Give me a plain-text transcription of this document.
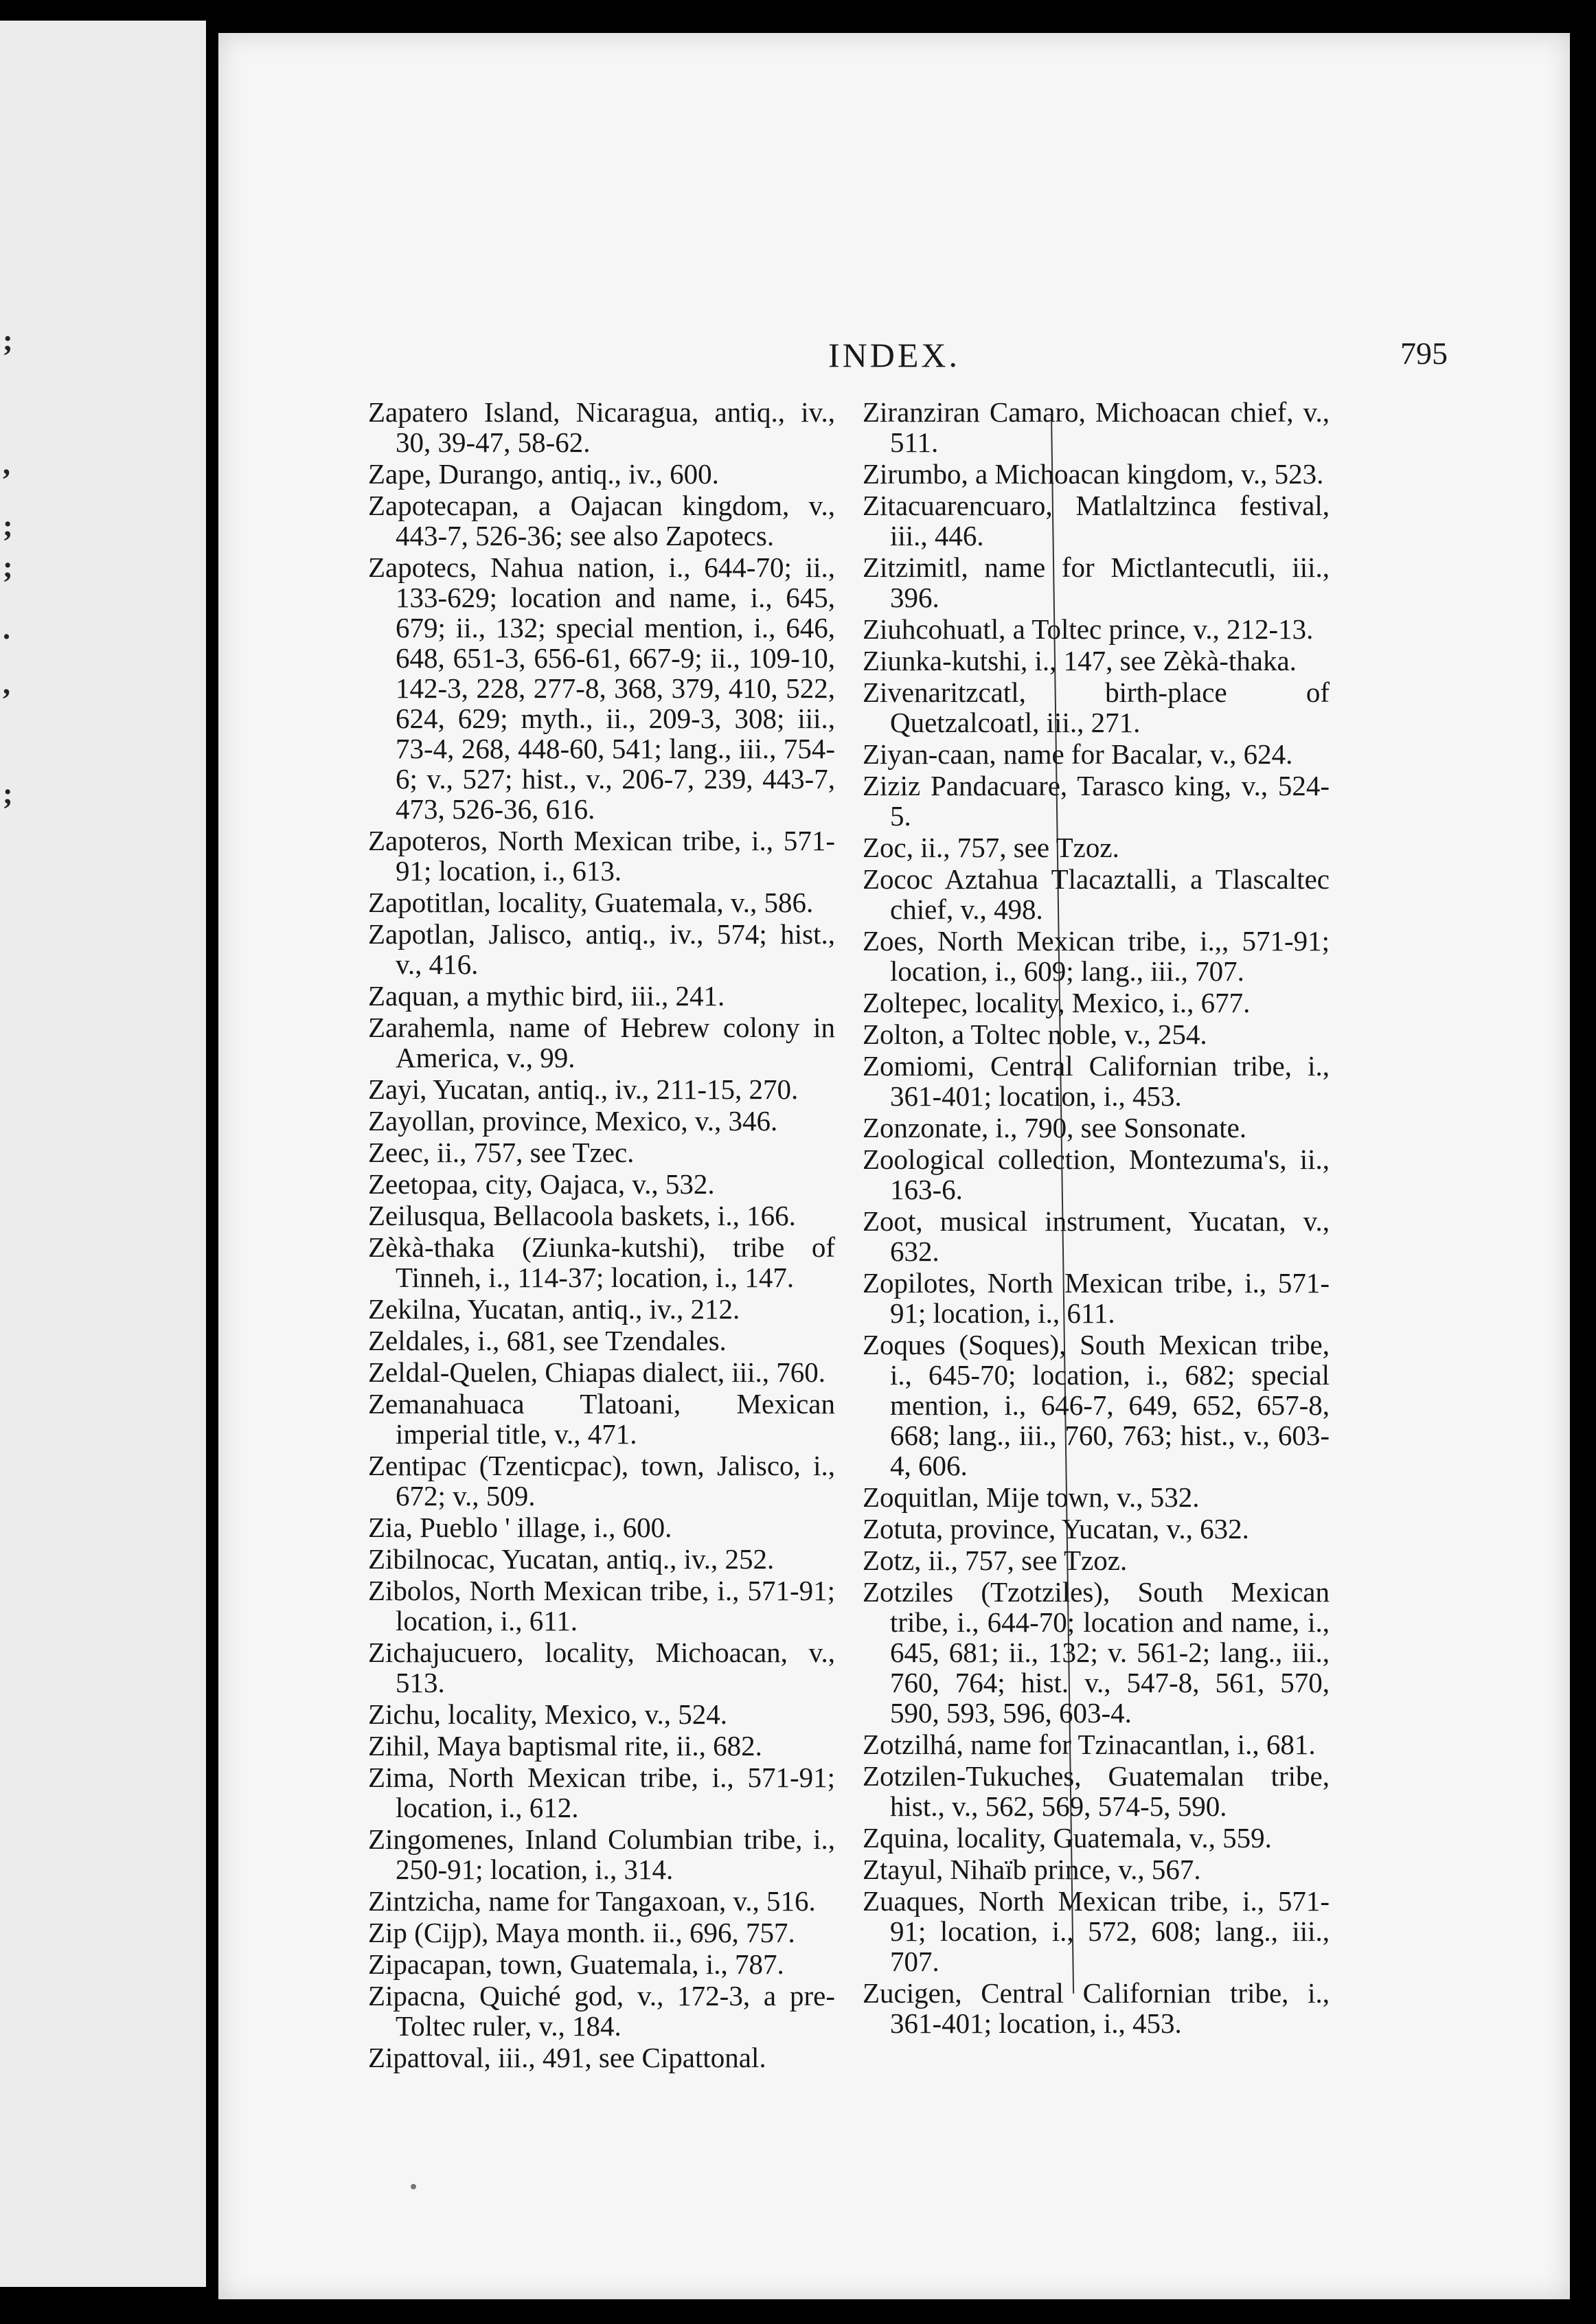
;
,
;
;
.
,
;
INDEX.	795

Zapatero Island, Nicaragua, antiq., iv., 30, 39-47, 58-62.

Zape, Durango, antiq., iv., 600.

Zapotecapan, a Oajacan kingdom, v., 443-7, 526-36; see also Zapotecs.

Zapotecs, Nahua nation, i., 644-70; ii., 133-629; location and name, i., 645, 679; ii., 132; special mention, i., 646, 648, 651-3, 656-61, 667-9; ii., 109-10, 142-3, 228, 277-8, 368, 379, 410, 522, 624, 629; myth., ii., 209-3, 308; iii., 73-4, 268, 448-60, 541; lang., iii., 754-6; v., 527; hist., v., 206-7, 239, 443-7, 473, 526-36, 616.

Zapoteros, North Mexican tribe, i., 571-91; location, i., 613.

Zapotitlan, locality, Guatemala, v., 586.

Zapotlan, Jalisco, antiq., iv., 574; hist., v., 416.

Zaquan, a mythic bird, iii., 241.

Zarahemla, name of Hebrew colony in America, v., 99.

Zayi, Yucatan, antiq., iv., 211-15, 270.

Zayollan, province, Mexico, v., 346.

Zeec, ii., 757, see Tzec.

Zeetopaa, city, Oajaca, v., 532.

Zeilusqua, Bellacoola baskets, i., 166.

Zèkà-thaka (Ziunka-kutshi), tribe of Tinneh, i., 114-37; location, i., 147.

Zekilna, Yucatan, antiq., iv., 212.

Zeldales, i., 681, see Tzendales.

Zeldal-Quelen, Chiapas dialect, iii., 760.

Zemanahuaca Tlatoani, Mexican imperial title, v., 471.

Zentipac (Tzenticpac), town, Jalisco, i., 672; v., 509.

Zia, Pueblo ' illage, i., 600.

Zibilnocac, Yucatan, antiq., iv., 252.

Zibolos, North Mexican tribe, i., 571-91; location, i., 611.

Zichajucuero, locality, Michoacan, v., 513.

Zichu, locality, Mexico, v., 524.

Zihil, Maya baptismal rite, ii., 682.

Zima, North Mexican tribe, i., 571-91; location, i., 612.

Zingomenes, Inland Columbian tribe, i., 250-91; location, i., 314.

Zintzicha, name for Tangaxoan, v., 516.

Zip (Cijp), Maya month. ii., 696, 757.

Zipacapan, town, Guatemala, i., 787.

Zipacna, Quiché god, v., 172-3, a pre-Toltec ruler, v., 184.

Zipattoval, iii., 491, see Cipattonal.

Ziranziran Camaro, Michoacan chief, v., 511.

Zirumbo, a Michoacan kingdom, v., 523.

Zitacuarencuaro, Matlaltzinca festival, iii., 446.

Zitzimitl, name for Mictlantecutli, iii., 396.

Ziuhcohuatl, a Toltec prince, v., 212-13.

Ziunka-kutshi, i., 147, see Zèkà-thaka.

Zivenaritzcatl, birth-place of Quetzalcoatl, iii., 271.

Ziyan-caan, name for Bacalar, v., 624.

Ziziz Pandacuare, Tarasco king, v., 524-5.

Zoc, ii., 757, see Tzoz.

Zococ Aztahua Tlacaztalli, a Tlascaltec chief, v., 498.

Zoes, North Mexican tribe, i.,, 571-91; location, i., 609; lang., iii., 707.

Zoltepec, locality, Mexico, i., 677.

Zolton, a Toltec noble, v., 254.

Zomiomi, Central Californian tribe, i., 361-401; location, i., 453.

Zonzonate, i., 790, see Sonsonate.

Zoological collection, Montezuma's, ii., 163-6.

Zoot, musical instrument, Yucatan, v., 632.

Zopilotes, North Mexican tribe, i., 571-91; location, i., 611.

Zoques (Soques), South Mexican tribe, i., 645-70; location, i., 682; special mention, i., 646-7, 649, 652, 657-8, 668; lang., iii., 760, 763; hist., v., 603-4, 606.

Zoquitlan, Mije town, v., 532.

Zotuta, province, Yucatan, v., 632.

Zotz, ii., 757, see Tzoz.

Zotziles (Tzotziles), South Mexican tribe, i., 644-70; location and name, i., 645, 681; ii., 132; v. 561-2; lang., iii., 760, 764; hist. v., 547-8, 561, 570, 590, 593, 596, 603-4.

Zotzilhá, name for Tzinacantlan, i., 681.

Zotzilen-Tukuches, Guatemalan tribe, hist., v., 562, 569, 574-5, 590.

Zquina, locality, Guatemala, v., 559.

Ztayul, Nihaïb prince, v., 567.

Zuaques, North Mexican tribe, i., 571-91; location, i., 572, 608; lang., iii., 707.

Zucigen, Central Californian tribe, i., 361-401; location, i., 453.
